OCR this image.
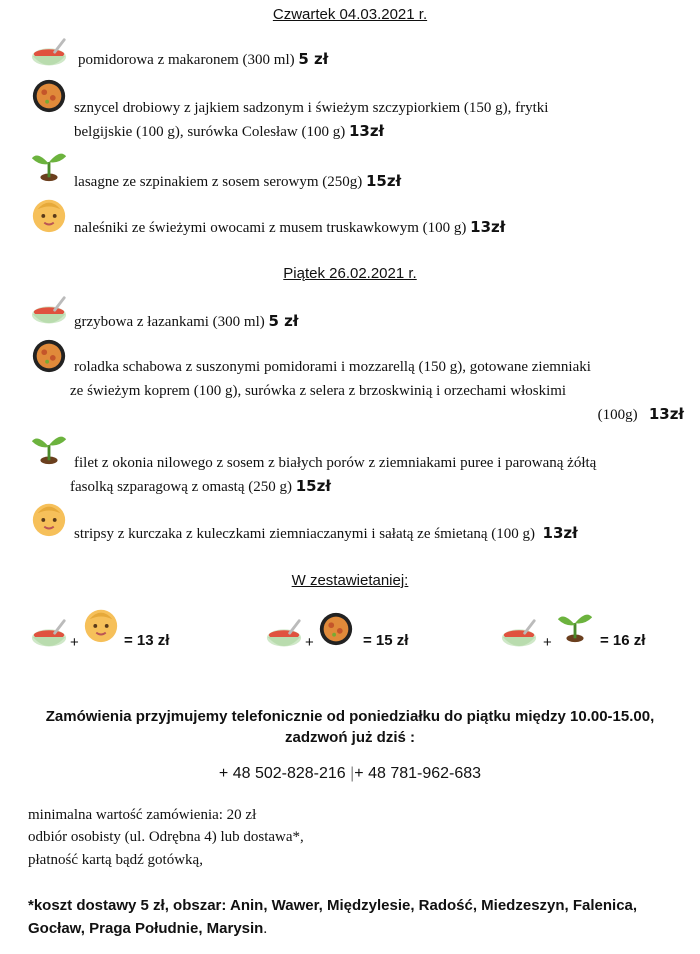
Czwartek 04.03.2021 r.
pomidorowa z makaronem (300 ml) 5 zł
sznycel drobiowy z jajkiem sadzonym i świeżym szczypiorkiem (150 g), frytki
belgijskie (100 g), surówka Colesław (100 g) 13zł
lasagne ze szpinakiem z sosem serowym (250g) 15zł
naleśniki ze świeżymi owocami z musem truskawkowym (100 g) 13zł
Piątek 26.02.2021 r.
grzybowa z łazankami (300 ml) 5 zł
roladka schabowa z suszonymi pomidorami i mozzarellą (150 g), gotowane ziemniaki
ze świeżym koprem (100 g), surówka z selera z brzoskwinią i orzechami włoskimi
(100g) 13zł
filet z okonia nilowego z sosem z białych porów z ziemniakami puree i parowaną żółtą
fasolką szparagową z omastą (250 g) 15zł
stripsy z kurczaka z kuleczkami ziemniaczanymi i sałatą ze śmietaną (100 g) 13zł
W zestawietaniej:
+	= 13 zł	+	= 15 zł	+	= 16 zł
Zamówienia przyjmujemy telefonicznie od poniedziałku do piątku między 10.00-15.00,
zadzwoń już dziś :
+ 48 502-828-216 |+ 48 781-962-683
minimalna wartość zamówienia: 20 zł
odbiór osobisty (ul. Odrębna 4) lub dostawa*,
płatność kartą bądź gotówką,
*koszt dostawy 5 zł, obszar: Anin, Wawer, Międzylesie, Radość, Miedzeszyn, Falenica,
Gocław, Praga Południe, Marysin.
